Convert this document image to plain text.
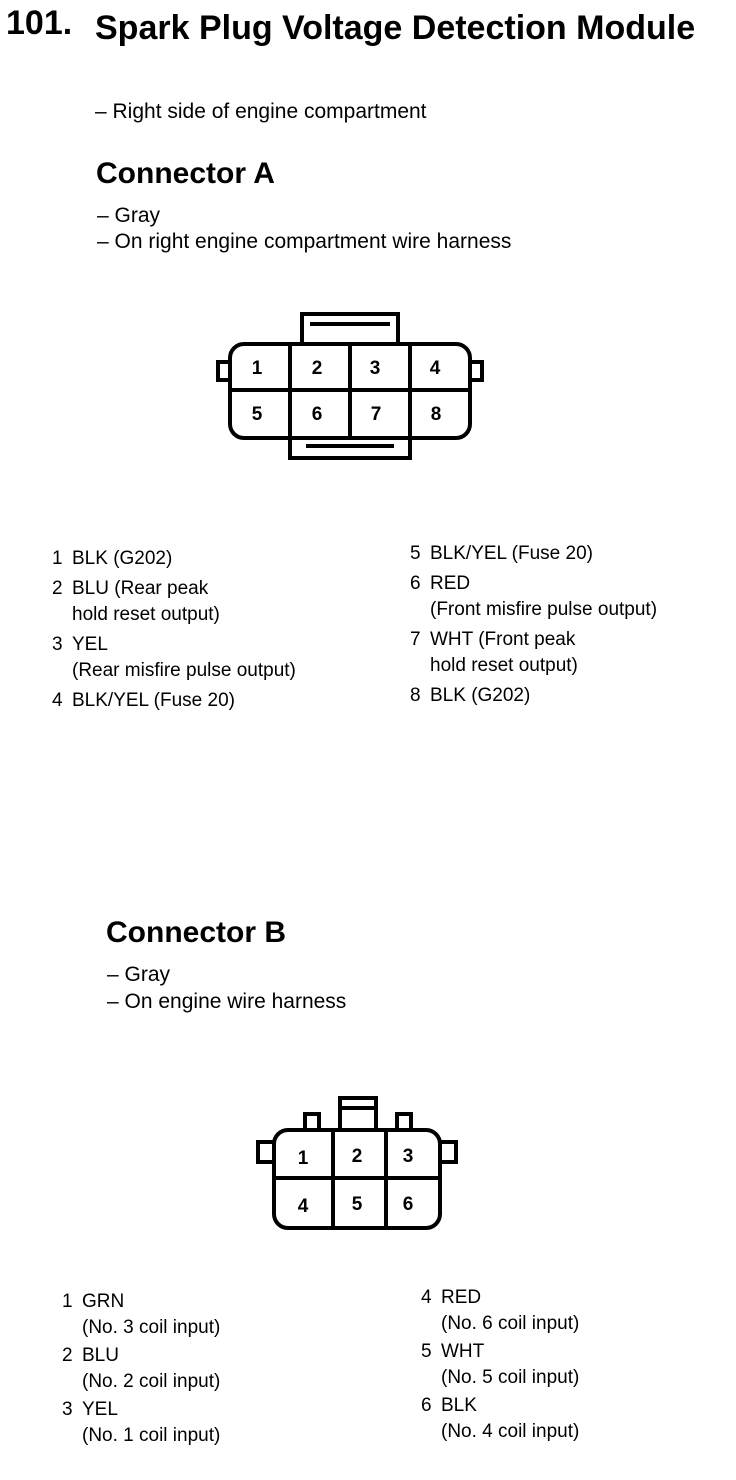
101. Spark Plug Voltage Detection Module
– Right side of engine compartment
Connector A
– Gray
– On right engine compartment wire harness
1	2 3	4
5	6	7	8
1 BLK (G202)
2 BLU (Rear peak
hold reset output)
3 YEL
(Rear misfire pulse output)
4 BLK/YEL (Fuse 20)
5 BLK/YEL (Fuse 20)
6 RED
(Front misfire pulse output)
7 WHT (Front peak
hold reset output)
8 BLK (G202)
Connector B
– Gray
– On engine wire harness
1 2 3
4 5 6
1 GRN
(No. 3 coil input)
2 BLU
(No. 2 coil input)
3 YEL
(No. 1 coil input)
4 RED
(No. 6 coil input)
5 WHT
(No. 5 coil input)
6 BLK
(No. 4 coil input)
